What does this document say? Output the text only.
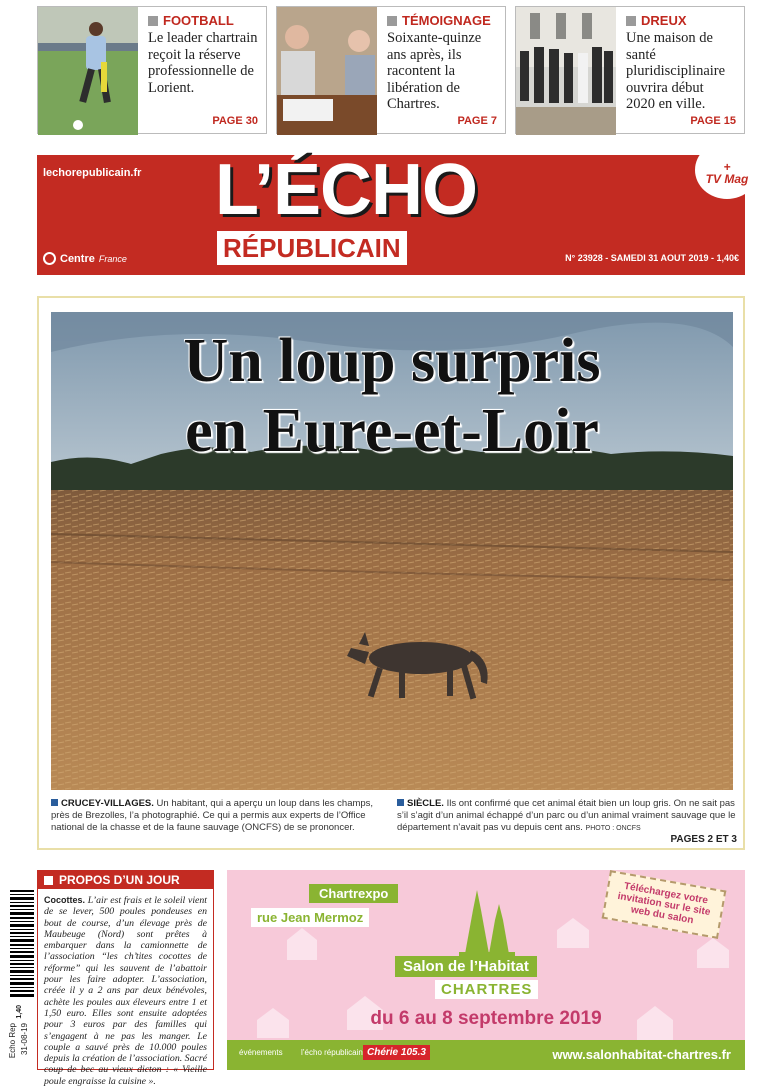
FOOTBALL
Le leader chartrain reçoit la réserve professionnelle de Lorient.
PAGE 30
TÉMOIGNAGE
Soixante-quinze ans après, ils racontent la libération de Chartres.
PAGE 7
DREUX
Une maison de santé pluridisciplinaire ouvrira début 2020 en ville.
PAGE 15
lechorepublicain.fr L’ÉCHO
RÉPUBLICAIN
+
TV Mag
Centre France	N° 23928 - SAMEDI 31 AOUT 2019 - 1,40€
Un loup surpris
en Eure-et-Loir
CRUCEY-VILLAGES. Un habitant, qui a aperçu un loup dans les champs, près de Brezolles, l’a photographié. Ce qui a permis aux experts de l’Office national de la chasse et de la faune sauvage (ONCFS) de se prononcer.
SIÈCLE. Ils ont confirmé que cet animal était bien un loup gris. On ne sait pas s’il s’agit d’un animal échappé d’un parc ou d’un animal vraiment sauvage que le département n’avait pas vu depuis cent ans. PHOTO : ONCFS
PAGES 2 ET 3
1,40
Echo Rep 31-08-19
PROPOS D’UN JOUR
Cocottes. L’air est frais et le soleil vient de se lever, 500 poules pondeuses en bout de course, d’un élevage près de Maubeuge (Nord) sont prêtes à embarquer dans la camionnette de l’association “les ch’tites cocottes de réforme” qui les sauvent de l’abattoir pour les faire adopter. L’association, créée il y a 2 ans par deux bénévoles, achète les poules aux éleveurs entre 1 et 1,50 euro. Elles sont ensuite adoptées pour 3 euros par des familles qui s’engagent à ne pas les manger. Le couple a sauvé près de 10.000 poules depuis la création de l’association. Sacré coup de bec au vieux dicton : « Vieille poule engraisse la cuisine ».
Chartrexpo
rue Jean Mermoz
Téléchargez votre invitation sur le site web du salon
Salon de l’Habitat
CHARTRES
du 6 au 8 septembre 2019
événements l’écho républicain Chérie 105.3	www.salonhabitat-chartres.fr
